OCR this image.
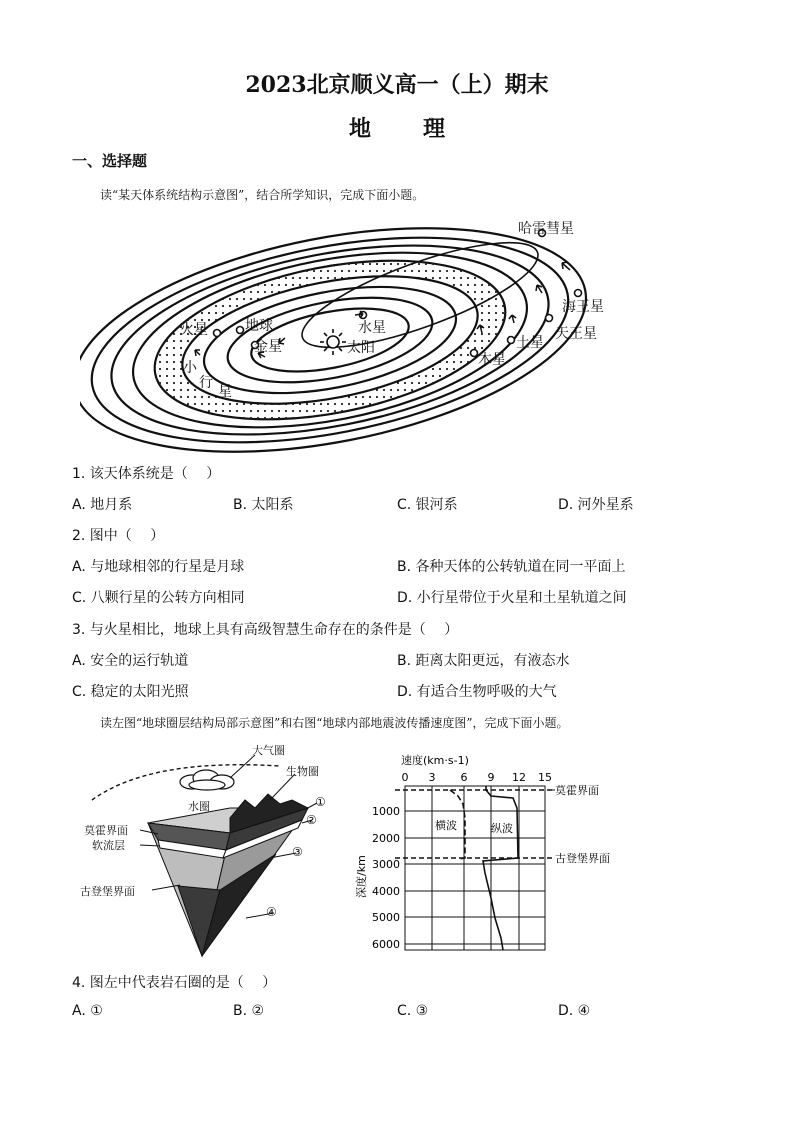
2023北京顺义高一（上）期末
地 理
一、选择题
读“某天体系统结构示意图”，结合所学知识，完成下面小题。
哈雷彗星
海王星
天王星
土星
木星
火星	地球
金星
水星
太阳
小
行
星
1. 该天体系统是（　 ）
A. 地月系	B. 太阳系	C. 银河系	D. 河外星系
2. 图中（　 ）
A. 与地球相邻的行星是月球	B. 各种天体的公转轨道在同一平面上
C. 八颗行星的公转方向相同	D. 小行星带位于火星和土星轨道之间
3. 与火星相比，地球上具有高级智慧生命存在的条件是（　 ）
A. 安全的运行轨道	B. 距离太阳更远，有液态水
C. 稳定的太阳光照	D. 有适合生物呼吸的大气
读左图“地球圈层结构局部示意图”和右图“地球内部地震波传播速度图”，完成下面小题。
大气圈
生物圈
水圈
莫霍界面
软流层
古登堡界面
①
②
③
④
速度(km·s-1)
0 3 6 9 12 15
1000
2000
3000
4000
5000
6000
深度/km
莫霍界面
古登堡界面
横波	纵波
4. 图左中代表岩石圈的是（　 ）
A. ①	B. ②	C. ③	D. ④
